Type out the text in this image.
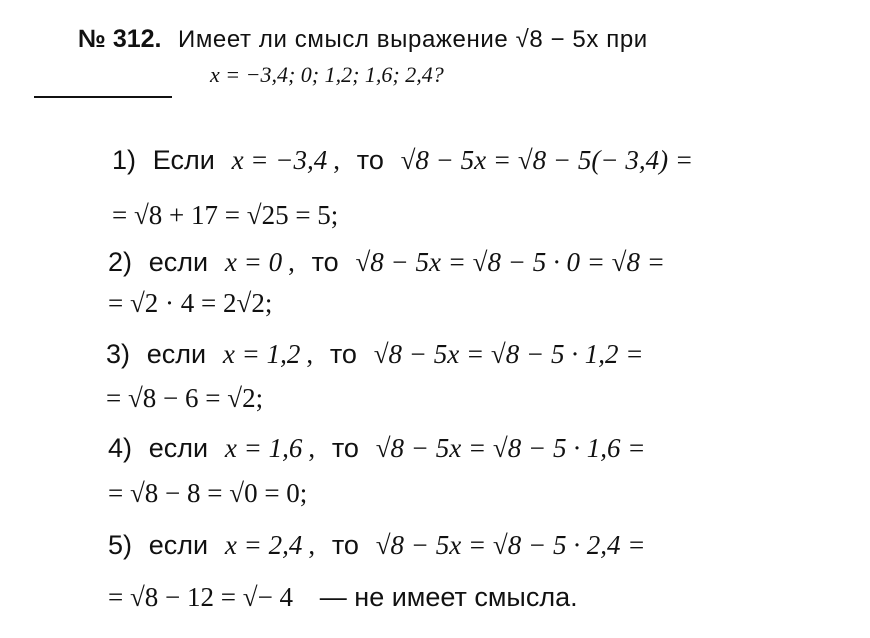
№ 312. Имеет ли смысл выражение √8 − 5x при
x = −3,4; 0; 1,2; 1,6; 2,4?
1) Если x = −3,4 , то √8 − 5x = √8 − 5(− 3,4) =
= √8 + 17 = √25 = 5;
2) если x = 0 , то √8 − 5x = √8 − 5 · 0 = √8 =
= √2 · 4 = 2√2;
3) если x = 1,2 , то √8 − 5x = √8 − 5 · 1,2 =
= √8 − 6 = √2;
4) если x = 1,6 , то √8 − 5x = √8 − 5 · 1,6 =
= √8 − 8 = √0 = 0;
5) если x = 2,4 , то √8 − 5x = √8 − 5 · 2,4 =
= √8 − 12 = √− 4 — не имеет смысла.
